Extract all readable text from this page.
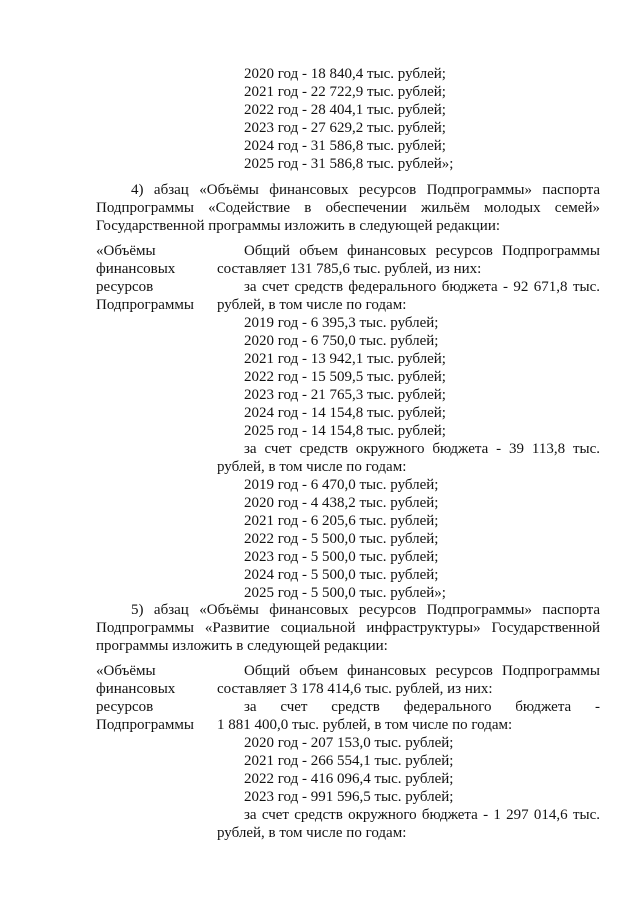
2020 год - 18 840,4 тыс. рублей;
2021 год - 22 722,9 тыс. рублей;
2022 год - 28 404,1 тыс. рублей;
2023 год - 27 629,2 тыс. рублей;
2024 год - 31 586,8 тыс. рублей;
2025 год - 31 586,8 тыс. рублей»;
4) абзац «Объёмы финансовых ресурсов Подпрограммы» паспорта
Подпрограммы «Содействие в обеспечении жильём молодых семей»
Государственной программы изложить в следующей редакции:
«Объёмы
финансовых
ресурсов
Подпрограммы
Общий объем финансовых ресурсов Подпрограммы
составляет 131 785,6 тыс. рублей, из них:
за счет средств федерального бюджета - 92 671,8 тыс.
рублей, в том числе по годам:
2019 год - 6 395,3 тыс. рублей;
2020 год - 6 750,0 тыс. рублей;
2021 год - 13 942,1 тыс. рублей;
2022 год - 15 509,5 тыс. рублей;
2023 год - 21 765,3 тыс. рублей;
2024 год - 14 154,8 тыс. рублей;
2025 год - 14 154,8 тыс. рублей;
за счет средств окружного бюджета - 39 113,8 тыс.
рублей, в том числе по годам:
2019 год - 6 470,0 тыс. рублей;
2020 год - 4 438,2 тыс. рублей;
2021 год - 6 205,6 тыс. рублей;
2022 год - 5 500,0 тыс. рублей;
2023 год - 5 500,0 тыс. рублей;
2024 год - 5 500,0 тыс. рублей;
2025 год - 5 500,0 тыс. рублей»;
5) абзац «Объёмы финансовых ресурсов Подпрограммы» паспорта
Подпрограммы «Развитие социальной инфраструктуры» Государственной
программы изложить в следующей редакции:
«Объёмы
финансовых
ресурсов
Подпрограммы
Общий объем финансовых ресурсов Подпрограммы
составляет 3 178 414,6 тыс. рублей, из них:
за счет средств федерального бюджета -
1 881 400,0 тыс. рублей, в том числе по годам:
2020 год - 207 153,0 тыс. рублей;
2021 год - 266 554,1 тыс. рублей;
2022 год - 416 096,4 тыс. рублей;
2023 год - 991 596,5 тыс. рублей;
за счет средств окружного бюджета - 1 297 014,6 тыс.
рублей, в том числе по годам:
